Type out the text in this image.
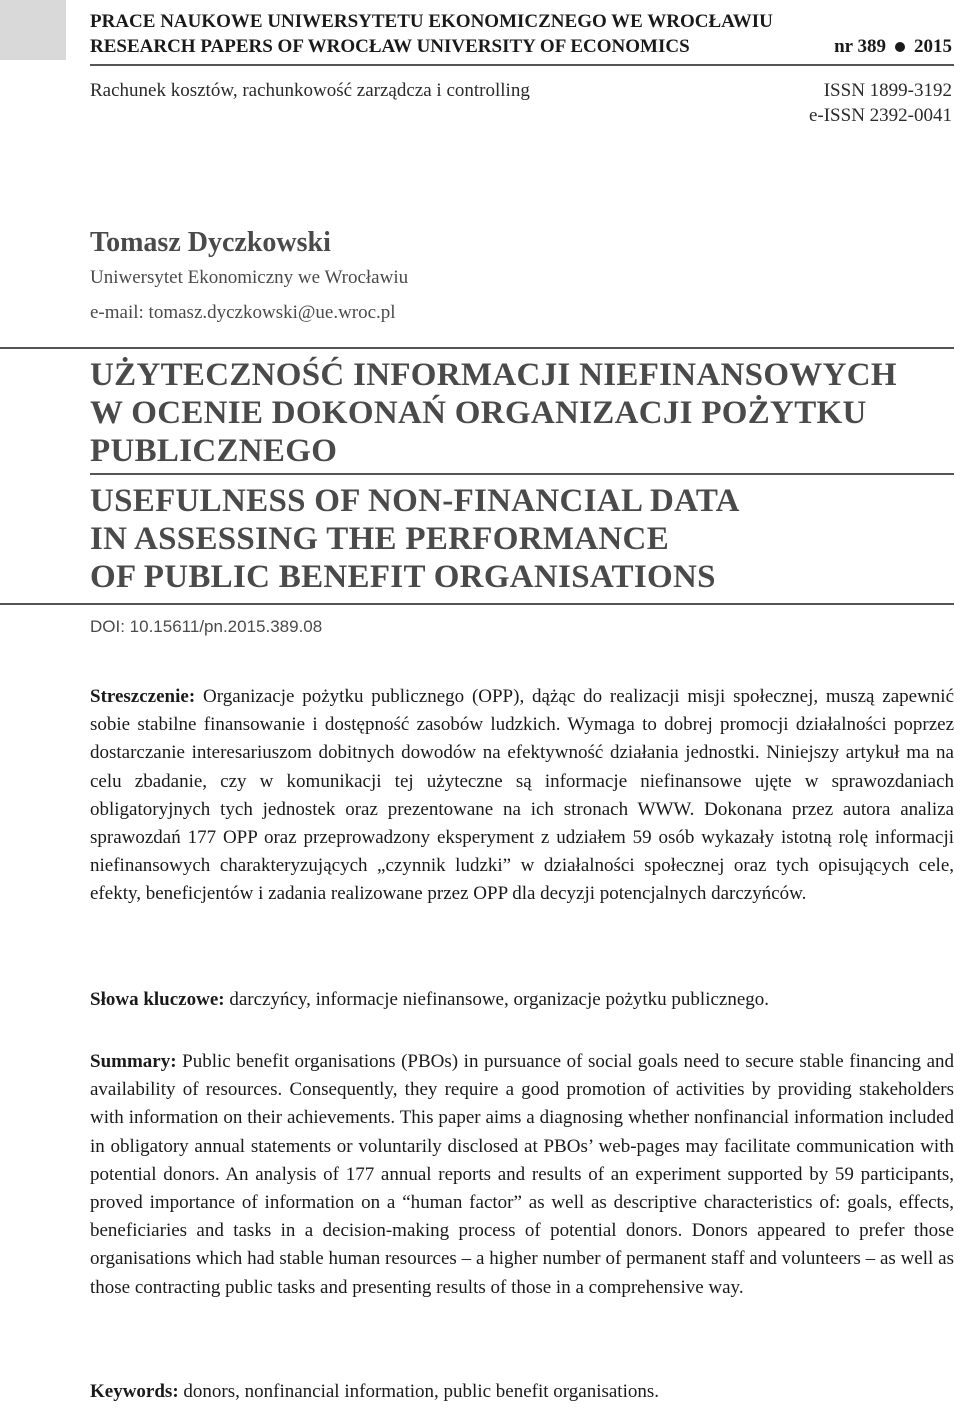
PRACE NAUKOWE UNIWERSYTETU EKONOMICZNEGO WE WROCŁAWIU
RESEARCH PAPERS OF WROCŁAW UNIVERSITY OF ECONOMICS	nr 389 2015
Rachunek kosztów, rachunkowość zarządcza i controlling	ISSN 1899-3192
e-ISSN 2392-0041
Tomasz Dyczkowski
Uniwersytet Ekonomiczny we Wrocławiu
e-mail: tomasz.dyczkowski@ue.wroc.pl
UŻYTECZNOŚĆ INFORMACJI NIEFINANSOWYCH
W OCENIE DOKONAŃ ORGANIZACJI POŻYTKU
PUBLICZNEGO
USEFULNESS OF NON-FINANCIAL DATA
IN ASSESSING THE PERFORMANCE
OF PUBLIC BENEFIT ORGANISATIONS
DOI: 10.15611/pn.2015.389.08
Streszczenie: Organizacje pożytku publicznego (OPP), dążąc do realizacji misji społecznej, muszą zapewnić sobie stabilne finansowanie i dostępność zasobów ludzkich. Wymaga to dobrej promocji działalności poprzez dostarczanie interesariuszom dobitnych dowodów na efektywność działania jednostki. Niniejszy artykuł ma na celu zbadanie, czy w komunikacji tej użyteczne są informacje niefinansowe ujęte w sprawozdaniach obligatoryjnych tych jednostek oraz prezentowane na ich stronach WWW. Dokonana przez autora analiza sprawozdań 177 OPP oraz przeprowadzony eksperyment z udziałem 59 osób wykazały istotną rolę informacji niefinansowych charakteryzujących „czynnik ludzki” w działalności społecznej oraz tych opisujących cele, efekty, beneficjentów i zadania realizowane przez OPP dla decyzji potencjalnych darczyńców.
Słowa kluczowe: darczyńcy, informacje niefinansowe, organizacje pożytku publicznego.
Summary: Public benefit organisations (PBOs) in pursuance of social goals need to secure stable financing and availability of resources. Consequently, they require a good promotion of activities by providing stakeholders with information on their achievements. This paper aims a diagnosing whether nonfinancial information included in obligatory annual statements or voluntarily disclosed at PBOs’ web-pages may facilitate communication with potential donors. An analysis of 177 annual reports and results of an experiment supported by 59 participants, proved importance of information on a “human factor” as well as descriptive characteristics of: goals, effects, beneficiaries and tasks in a decision-making process of potential donors. Donors appeared to prefer those organisations which had stable human resources – a higher number of permanent staff and volunteers – as well as those contracting public tasks and presenting results of those in a comprehensive way.
Keywords: donors, nonfinancial information, public benefit organisations.
